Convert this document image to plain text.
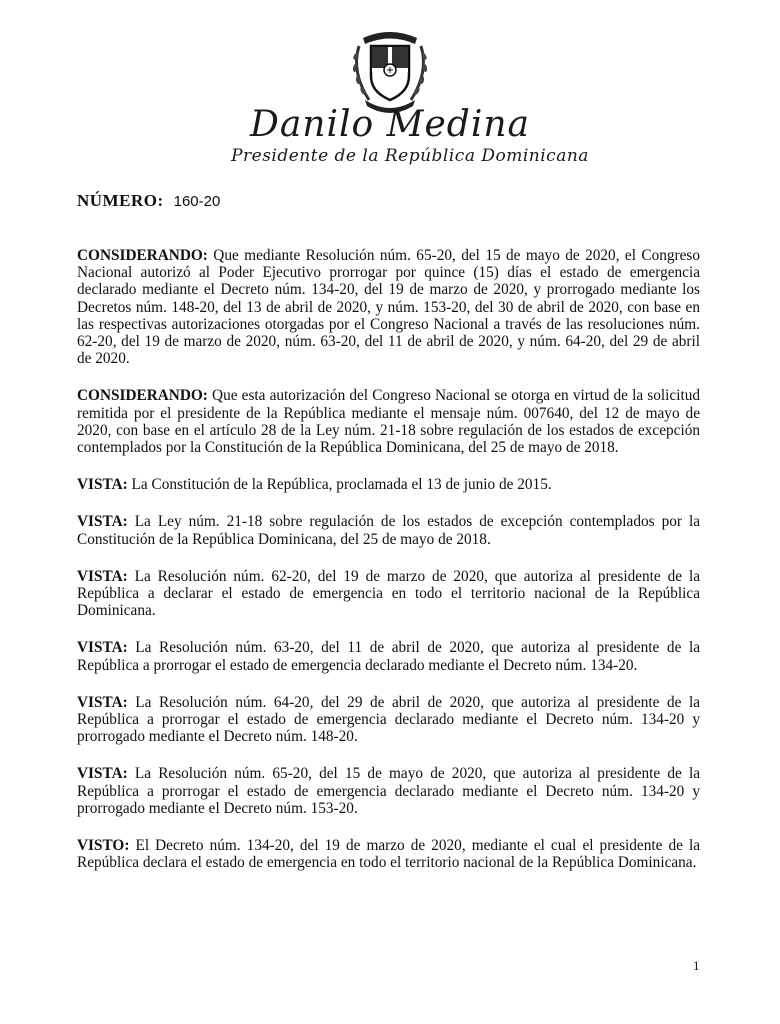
Danilo Medina
Presidente de la República Dominicana
NÚMERO: 160-20

CONSIDERANDO: Que mediante Resolución núm. 65-20, del 15 de mayo de 2020, el Congreso Nacional autorizó al Poder Ejecutivo prorrogar por quince (15) días el estado de emergencia declarado mediante el Decreto núm. 134-20, del 19 de marzo de 2020, y prorrogado mediante los Decretos núm. 148-20, del 13 de abril de 2020, y núm. 153-20, del 30 de abril de 2020, con base en las respectivas autorizaciones otorgadas por el Congreso Nacional a través de las resoluciones núm. 62-20, del 19 de marzo de 2020, núm. 63-20, del 11 de abril de 2020, y núm. 64-20, del 29 de abril de 2020.

CONSIDERANDO: Que esta autorización del Congreso Nacional se otorga en virtud de la solicitud remitida por el presidente de la República mediante el mensaje núm. 007640, del 12 de mayo de 2020, con base en el artículo 28 de la Ley núm. 21-18 sobre regulación de los estados de excepción contemplados por la Constitución de la República Dominicana, del 25 de mayo de 2018.

VISTA: La Constitución de la República, proclamada el 13 de junio de 2015.

VISTA: La Ley núm. 21-18 sobre regulación de los estados de excepción contemplados por la Constitución de la República Dominicana, del 25 de mayo de 2018.

VISTA: La Resolución núm. 62-20, del 19 de marzo de 2020, que autoriza al presidente de la República a declarar el estado de emergencia en todo el territorio nacional de la República Dominicana.

VISTA: La Resolución núm. 63-20, del 11 de abril de 2020, que autoriza al presidente de la República a prorrogar el estado de emergencia declarado mediante el Decreto núm. 134-20.

VISTA: La Resolución núm. 64-20, del 29 de abril de 2020, que autoriza al presidente de la República a prorrogar el estado de emergencia declarado mediante el Decreto núm. 134-20 y prorrogado mediante el Decreto núm. 148-20.

VISTA: La Resolución núm. 65-20, del 15 de mayo de 2020, que autoriza al presidente de la República a prorrogar el estado de emergencia declarado mediante el Decreto núm. 134-20 y prorrogado mediante el Decreto núm. 153-20.

VISTO: El Decreto núm. 134-20, del 19 de marzo de 2020, mediante el cual el presidente de la República declara el estado de emergencia en todo el territorio nacional de la República Dominicana.

1
